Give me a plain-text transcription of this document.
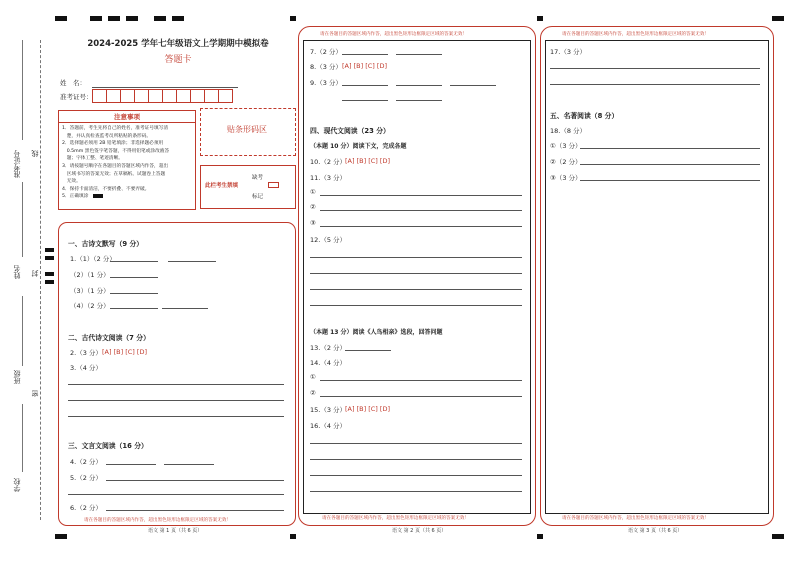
准考证号 线
姓名 封
班级
密
学校
2024-2025 学年七年级语文上学期期中模拟卷
答题卡
姓　名：
准考证号：
注意事项
1．答题前，考生先将自己的姓名，准考证号填写清
　楚，并认真检查监考员所粘贴的条形码。
2．选择题必须用 2B 铅笔填涂；非选择题必须用
　0.5mm 黑色签字笔答题，不得用铅笔或涂改液答
　题；字体工整、笔迹清晰。
3．请按题号顺序在各题目的答题区域内作答，超出
　区域书写的答案无效；在草稿纸、试题卷上答题
　无效。
4．保持卡面清洁，不要折叠、不要弄破。
5．正确填涂
贴条形码区
此栏考生禁填
缺考
标记
一、古诗文默写（9 分）
1.（1）（2 分）
（2）（1 分）
（3）（1 分）
（4）（2 分）
二、古代诗文阅读（7 分）
2.（3 分） [A] [B] [C] [D]
3.（4 分）
三、文言文阅读（16 分）
4.（2 分）
5.（2 分）
6.（2 分）
请在各题目的答题区域内作答，超出黑色矩形边框限定区域的答案无效！
语文 第 1 页（共 6 页）
请在各题目的答题区域内作答，超出黑色矩形边框限定区域的答案无效！
7.（2 分）
8.（3 分） [A] [B] [C] [D]
9.（3 分）
四、现代文阅读（23 分）
（本题 10 分）阅读下文，完成各题
10.（2 分）
[A] [B] [C] [D]
11.（3 分）
①
②
③
12.（5 分）
（本题 13 分）阅读《人鸟相亲》选段，回答问题
13.（2 分）
14.（4 分）
①
②
15.（3 分）
[A] [B] [C] [D]
16.（4 分）
请在各题目的答题区域内作答，超出黑色矩形边框限定区域的答案无效！
语文 第 2 页（共 6 页）
请在各题目的答题区域内作答，超出黑色矩形边框限定区域的答案无效！
17.（3 分）
五、名著阅读（8 分）
18.（8 分）
①（3 分）
②（2 分）
③（3 分）
请在各题目的答题区域内作答，超出黑色矩形边框限定区域的答案无效！
语文 第 3 页（共 6 页）
